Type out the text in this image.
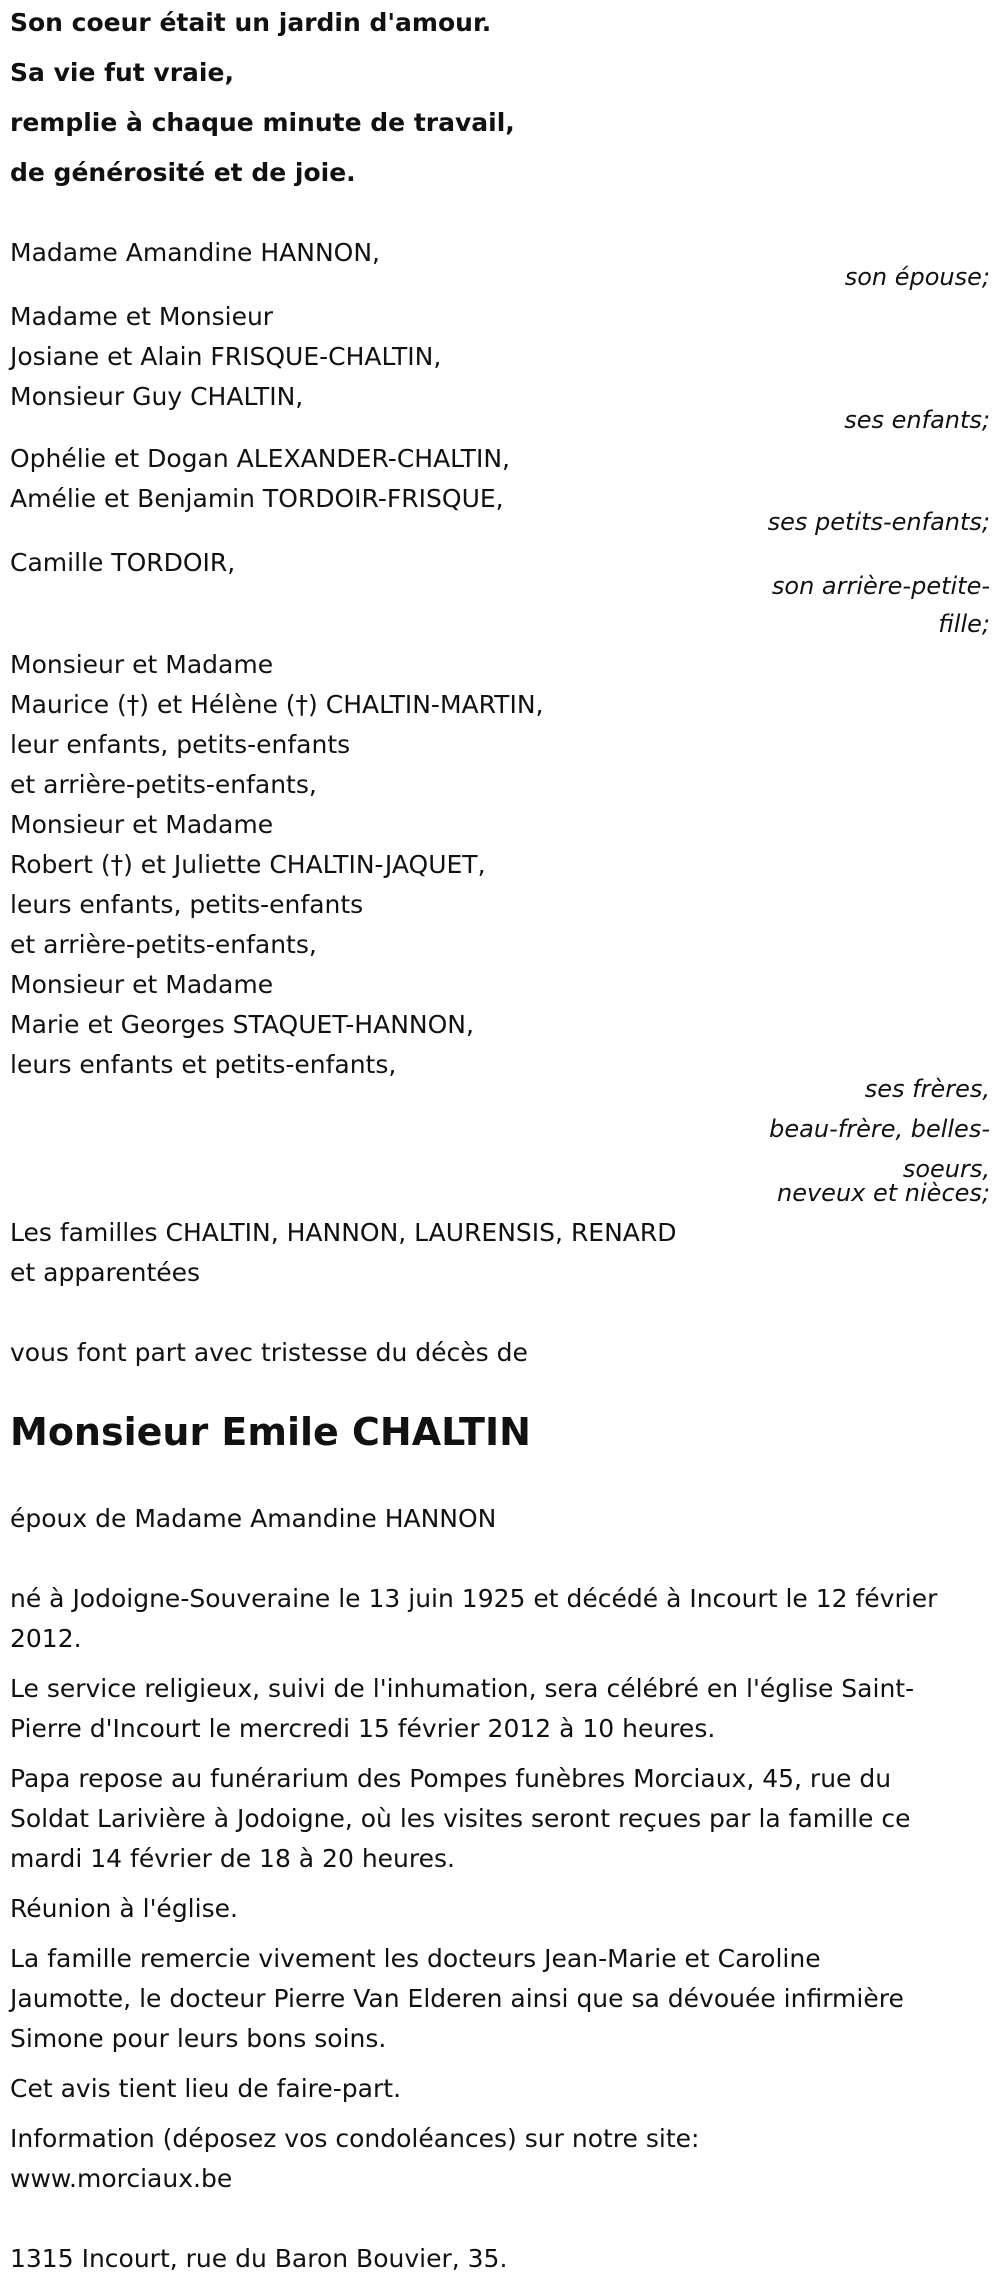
Son coeur était un jardin d'amour.
Sa vie fut vraie,
remplie à chaque minute de travail,
de générosité et de joie.
Madame Amandine HANNON,
son épouse;
Madame et Monsieur
Josiane et Alain FRISQUE-CHALTIN,
Monsieur Guy CHALTIN,
ses enfants;
Ophélie et Dogan ALEXANDER-CHALTIN,
Amélie et Benjamin TORDOIR-FRISQUE,
ses petits-enfants;
Camille TORDOIR,
son arrière-petite-
fille;
Monsieur et Madame
Maurice (†) et Hélène (†) CHALTIN-MARTIN,
leur enfants, petits-enfants
et arrière-petits-enfants,
Monsieur et Madame
Robert (†) et Juliette CHALTIN-JAQUET,
leurs enfants, petits-enfants
et arrière-petits-enfants,
Monsieur et Madame
Marie et Georges STAQUET-HANNON,
leurs enfants et petits-enfants,
ses frères,
beau-frère, belles-
soeurs,
neveux et nièces;
Les familles CHALTIN, HANNON, LAURENSIS, RENARD
et apparentées
vous font part avec tristesse du décès de
Monsieur Emile CHALTIN
époux de Madame Amandine HANNON
né à Jodoigne-Souveraine le 13 juin 1925 et décédé à Incourt le 12 février
2012.
Le service religieux, suivi de l'inhumation, sera célébré en l'église Saint-
Pierre d'Incourt le mercredi 15 février 2012 à 10 heures.
Papa repose au funérarium des Pompes funèbres Morciaux, 45, rue du
Soldat Larivière à Jodoigne, où les visites seront reçues par la famille ce
mardi 14 février de 18 à 20 heures.
Réunion à l'église.
La famille remercie vivement les docteurs Jean-Marie et Caroline
Jaumotte, le docteur Pierre Van Elderen ainsi que sa dévouée infirmière
Simone pour leurs bons soins.
Cet avis tient lieu de faire-part.
Information (déposez vos condoléances) sur notre site:
www.morciaux.be
1315 Incourt, rue du Baron Bouvier, 35.
